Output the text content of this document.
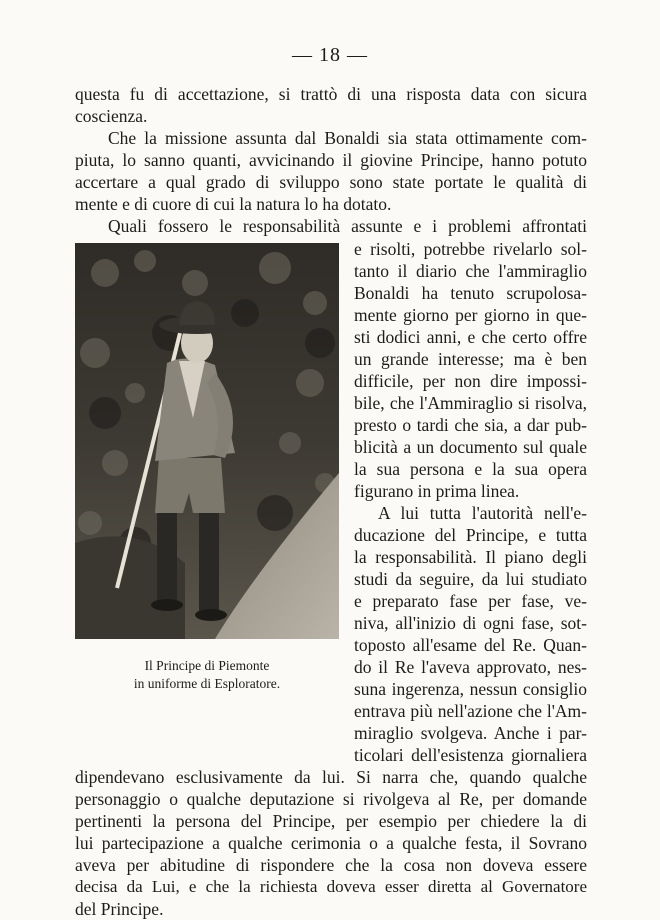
— 18 —
questa fu di accettazione, si trattò di una risposta data con sicura
coscienza.
Che la missione assunta dal Bonaldi sia stata ottimamente com-
piuta, lo sanno quanti, avvicinando il giovine Principe, hanno potuto
accertare a qual grado di sviluppo sono state portate le qualità di
mente e di cuore di cui la natura lo ha dotato.
Quali fossero le responsabilità assunte e i problemi affrontati
e risolti, potrebbe rivelarlo sol-
tanto il diario che l'ammiraglio
Bonaldi ha tenuto scrupolosa-
mente giorno per giorno in que-
sti dodici anni, e che certo offre
un grande interesse; ma è ben
difficile, per non dire impossi-
bile, che l'Ammiraglio si risolva,
presto o tardi che sia, a dar pub-
blicità a un documento sul quale
la sua persona e la sua opera
figurano in prima linea.
A lui tutta l'autorità nell'e-
ducazione del Principe, e tutta
la responsabilità. Il piano degli
studi da seguire, da lui studiato
e preparato fase per fase, ve-
niva, all'inizio di ogni fase, sot-
toposto all'esame del Re. Quan-
do il Re l'aveva approvato, nes-
suna ingerenza, nessun consiglio
entrava più nell'azione che l'Am-
miraglio svolgeva. Anche i par-
ticolari dell'esistenza giornaliera
dipendevano esclusivamente da lui. Si narra che, quando qualche
personaggio o qualche deputazione si rivolgeva al Re, per domande
pertinenti la persona del Principe, per esempio per chiedere la di
lui partecipazione a qualche cerimonia o a qualche festa, il Sovrano
aveva per abitudine di rispondere che la cosa non doveva essere
decisa da Lui, e che la richiesta doveva esser diretta al Governatore
del Principe.
Il Principe di Piemonte
in uniforme di Esploratore.
